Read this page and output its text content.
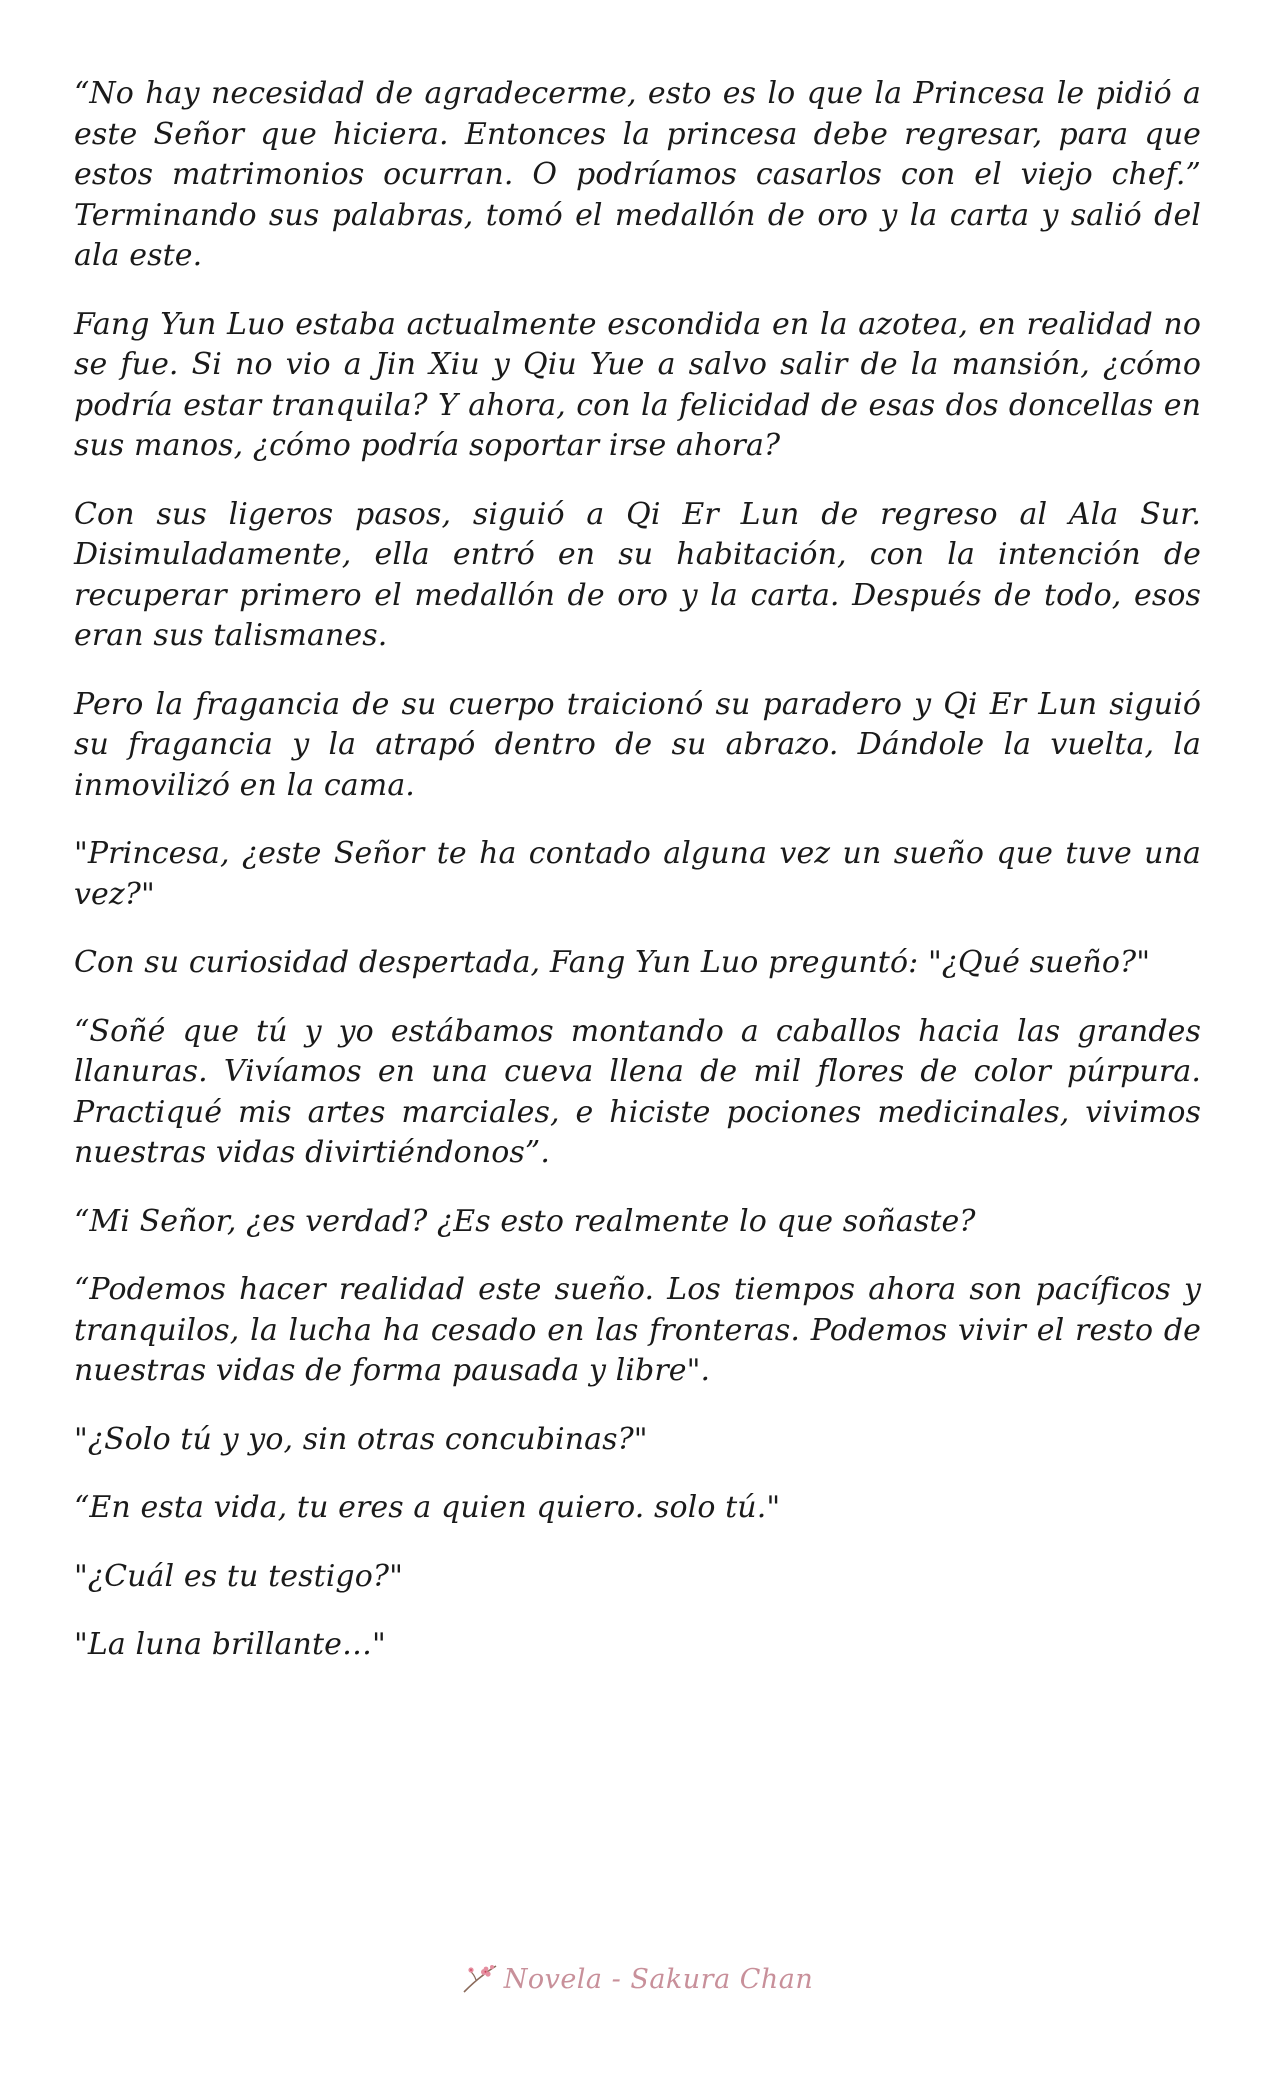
“No hay necesidad de agradecerme, esto es lo que la Princesa le pidió a este Señor que hiciera. Entonces la princesa debe regresar, para que estos matrimonios ocurran. O podríamos casarlos con el viejo chef.” Terminando sus palabras, tomó el medallón de oro y la carta y salió del ala este.

Fang Yun Luo estaba actualmente escondida en la azotea, en realidad no se fue. Si no vio a Jin Xiu y Qiu Yue a salvo salir de la mansión, ¿cómo podría estar tranquila? Y ahora, con la felicidad de esas dos doncellas en sus manos, ¿cómo podría soportar irse ahora?

Con sus ligeros pasos, siguió a Qi Er Lun de regreso al Ala Sur. Disimuladamente, ella entró en su habitación, con la intención de recuperar primero el medallón de oro y la carta. Después de todo, esos eran sus talismanes.

Pero la fragancia de su cuerpo traicionó su paradero y Qi Er Lun siguió su fragancia y la atrapó dentro de su abrazo. Dándole la vuelta, la inmovilizó en la cama.

"Princesa, ¿este Señor te ha contado alguna vez un sueño que tuve una vez?"

Con su curiosidad despertada, Fang Yun Luo preguntó: "¿Qué sueño?"

“Soñé que tú y yo estábamos montando a caballos hacia las grandes llanuras. Vivíamos en una cueva llena de mil flores de color púrpura. Practiqué mis artes marciales, e hiciste pociones medicinales, vivimos nuestras vidas divirtiéndonos”.

“Mi Señor, ¿es verdad? ¿Es esto realmente lo que soñaste?

“Podemos hacer realidad este sueño. Los tiempos ahora son pacíficos y tranquilos, la lucha ha cesado en las fronteras. Podemos vivir el resto de nuestras vidas de forma pausada y libre".

"¿Solo tú y yo, sin otras concubinas?"

“En esta vida, tu eres a quien quiero. solo tú."

"¿Cuál es tu testigo?"

"La luna brillante…"

Novela - Sakura Chan
